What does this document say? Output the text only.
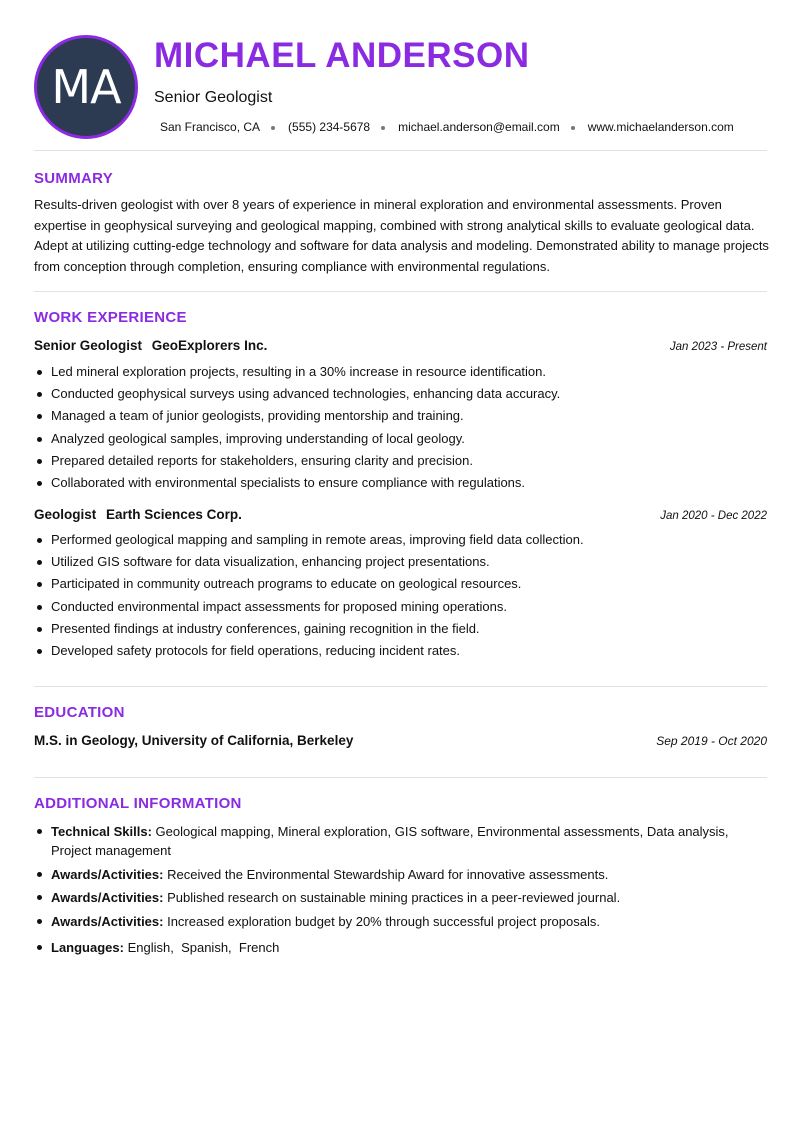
MA
MICHAEL ANDERSON
Senior Geologist
San Francisco, CA (555) 234-5678 michael.anderson@email.com www.michaelanderson.com
SUMMARY
Results-driven geologist with over 8 years of experience in mineral exploration and environmental assessments. Proven expertise in geophysical surveying and geological mapping, combined with strong analytical skills to evaluate geological data. Adept at utilizing cutting-edge technology and software for data analysis and modeling. Demonstrated ability to manage projects from conception through completion, ensuring compliance with environmental regulations.
WORK EXPERIENCE
Senior Geologist GeoExplorers Inc.	Jan 2023 - Present
Led mineral exploration projects, resulting in a 30% increase in resource identification.
Conducted geophysical surveys using advanced technologies, enhancing data accuracy.
Managed a team of junior geologists, providing mentorship and training.
Analyzed geological samples, improving understanding of local geology.
Prepared detailed reports for stakeholders, ensuring clarity and precision.
Collaborated with environmental specialists to ensure compliance with regulations.
Geologist Earth Sciences Corp.	Jan 2020 - Dec 2022
Performed geological mapping and sampling in remote areas, improving field data collection.
Utilized GIS software for data visualization, enhancing project presentations.
Participated in community outreach programs to educate on geological resources.
Conducted environmental impact assessments for proposed mining operations.
Presented findings at industry conferences, gaining recognition in the field.
Developed safety protocols for field operations, reducing incident rates.
EDUCATION
M.S. in Geology, University of California, Berkeley	Sep 2019 - Oct 2020
ADDITIONAL INFORMATION
Technical Skills: Geological mapping, Mineral exploration, GIS software, Environmental assessments, Data analysis, Project management
Awards/Activities: Received the Environmental Stewardship Award for innovative assessments.
Awards/Activities: Published research on sustainable mining practices in a peer-reviewed journal.
Awards/Activities: Increased exploration budget by 20% through successful project proposals.
Languages: English,  Spanish,  French
